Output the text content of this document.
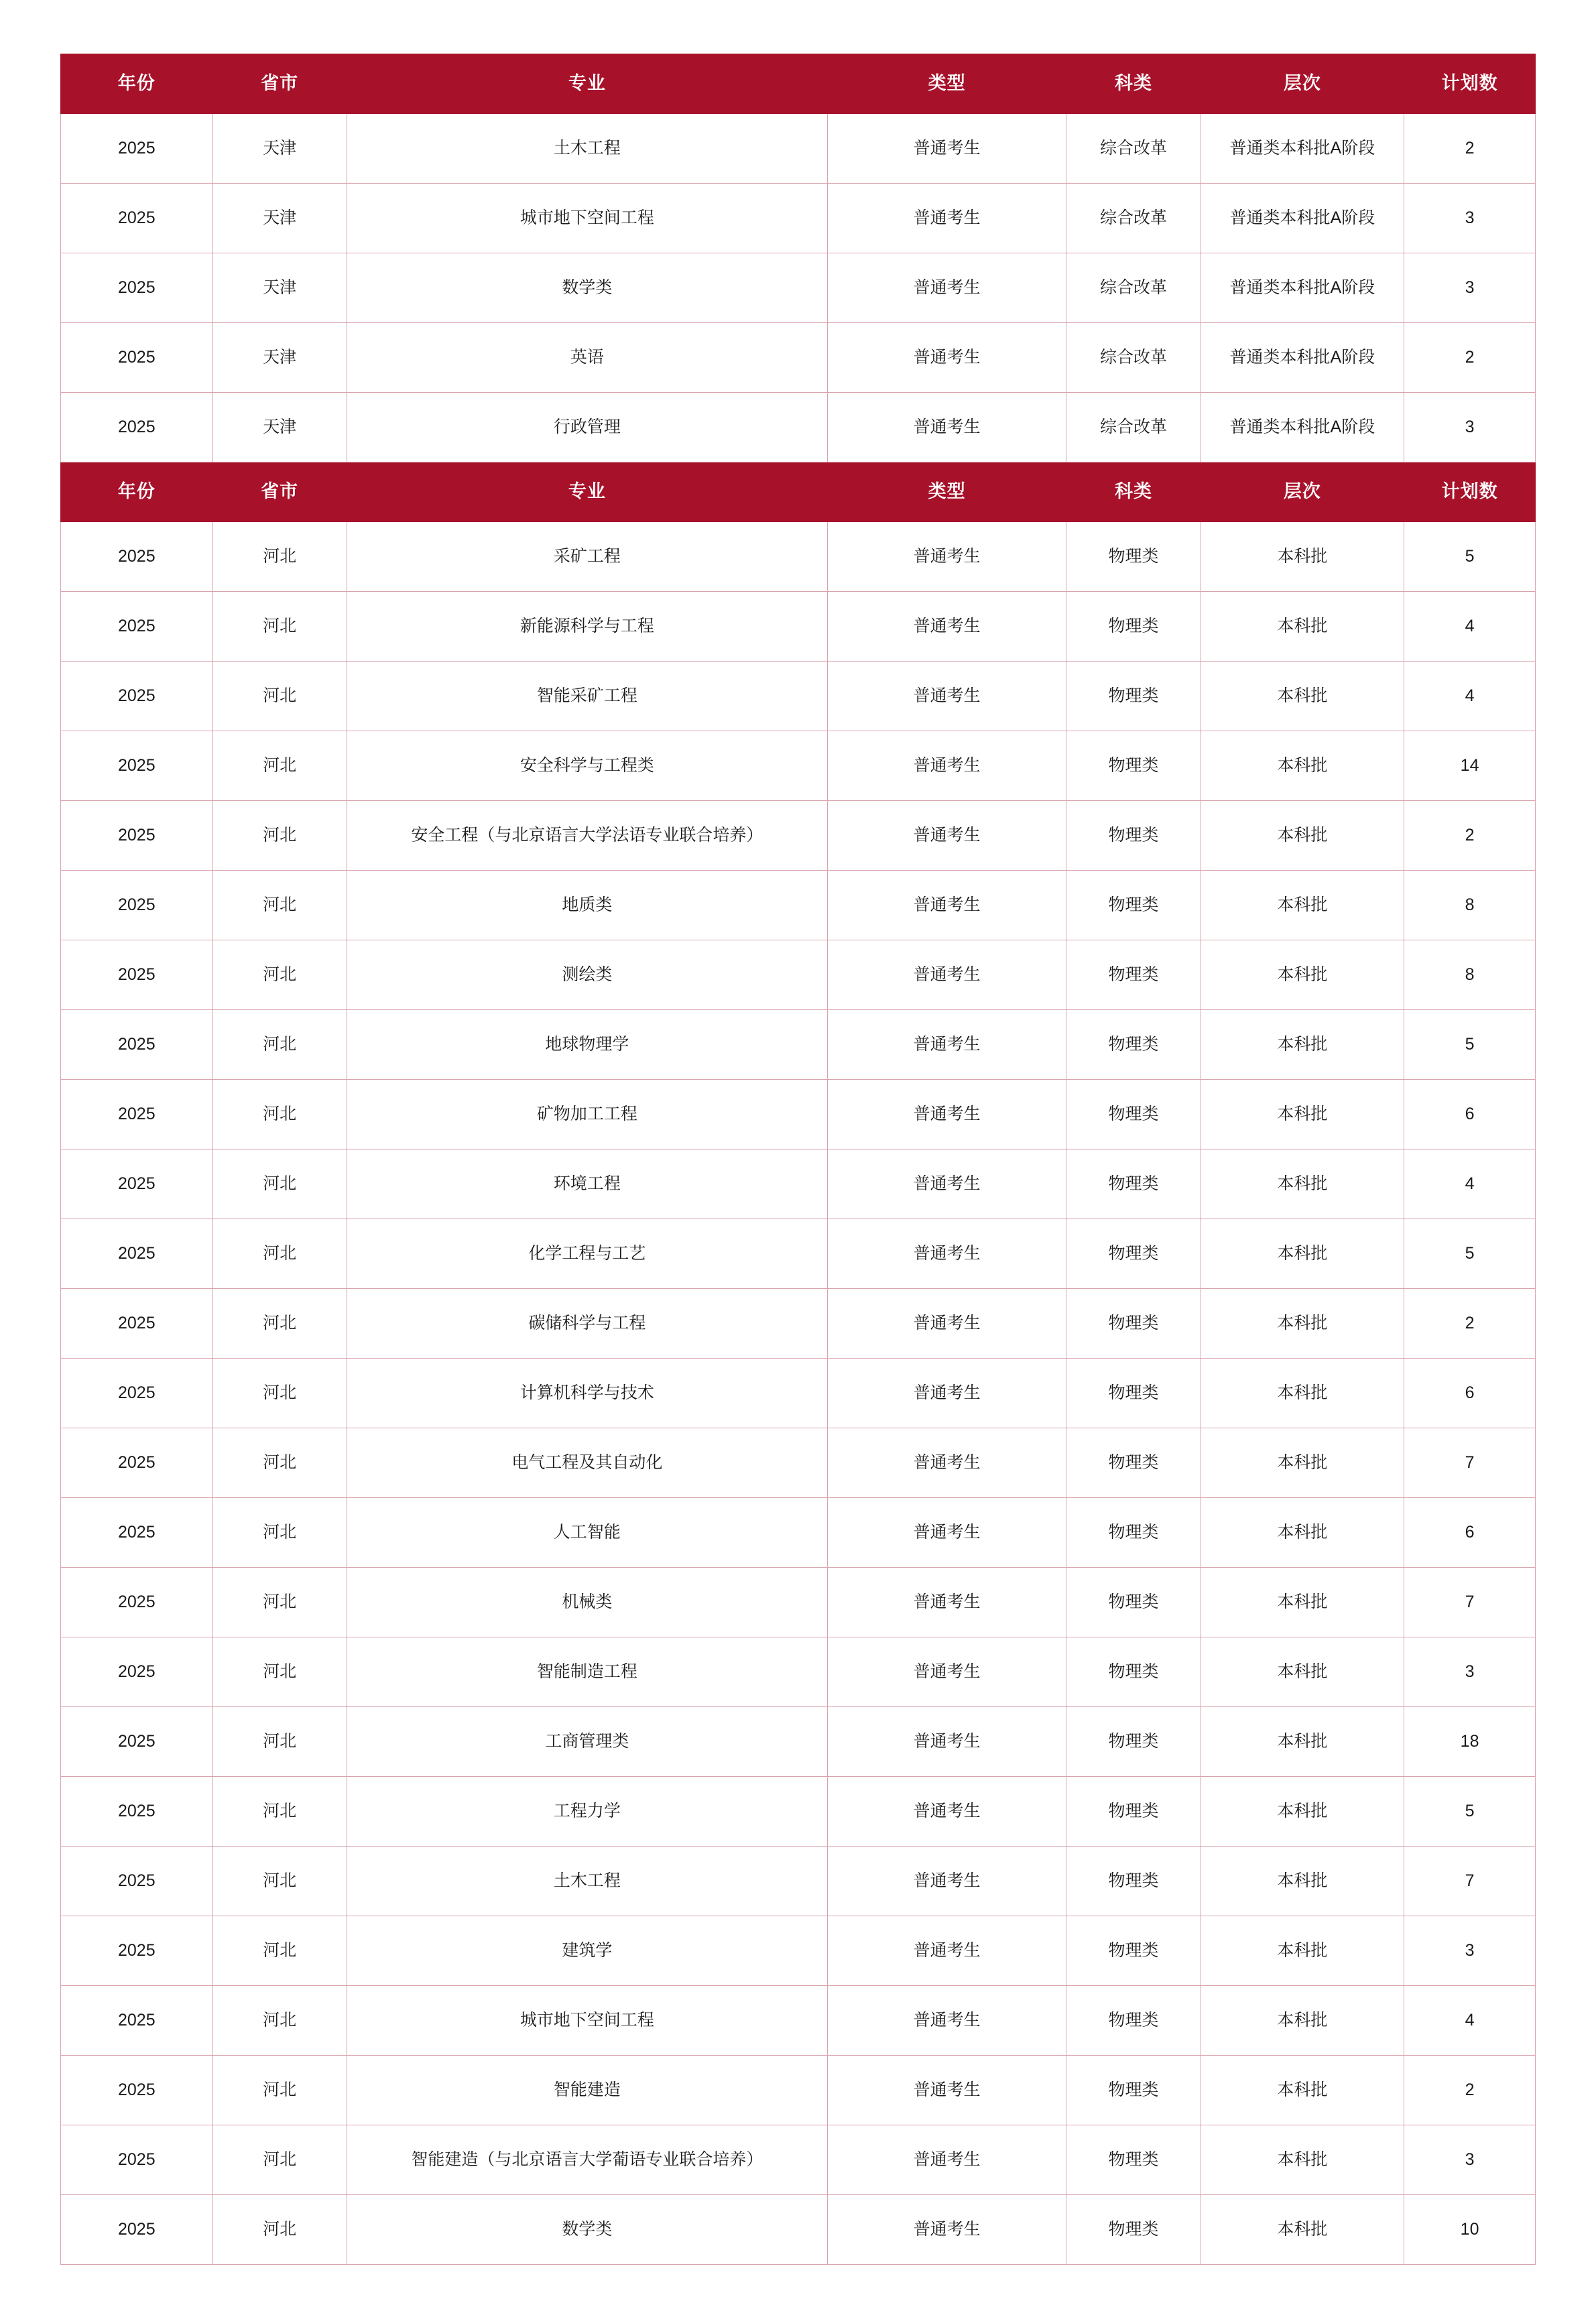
年份	省市	专业	类型	科类	层次	计划数
2025	天津	土木工程	普通考生	综合改革	普通类本科批A阶段	2
2025	天津	城市地下空间工程	普通考生	综合改革	普通类本科批A阶段	3
2025	天津	数学类	普通考生	综合改革	普通类本科批A阶段	3
2025	天津	英语	普通考生	综合改革	普通类本科批A阶段	2
2025	天津	行政管理	普通考生	综合改革	普通类本科批A阶段	3
年份	省市	专业	类型	科类	层次	计划数
2025	河北	采矿工程	普通考生	物理类	本科批	5
2025	河北	新能源科学与工程	普通考生	物理类	本科批	4
2025	河北	智能采矿工程	普通考生	物理类	本科批	4
2025	河北	安全科学与工程类	普通考生	物理类	本科批	14
2025	河北	安全工程（与北京语言大学法语专业联合培养）	普通考生	物理类	本科批	2
2025	河北	地质类	普通考生	物理类	本科批	8
2025	河北	测绘类	普通考生	物理类	本科批	8
2025	河北	地球物理学	普通考生	物理类	本科批	5
2025	河北	矿物加工工程	普通考生	物理类	本科批	6
2025	河北	环境工程	普通考生	物理类	本科批	4
2025	河北	化学工程与工艺	普通考生	物理类	本科批	5
2025	河北	碳储科学与工程	普通考生	物理类	本科批	2
2025	河北	计算机科学与技术	普通考生	物理类	本科批	6
2025	河北	电气工程及其自动化	普通考生	物理类	本科批	7
2025	河北	人工智能	普通考生	物理类	本科批	6
2025	河北	机械类	普通考生	物理类	本科批	7
2025	河北	智能制造工程	普通考生	物理类	本科批	3
2025	河北	工商管理类	普通考生	物理类	本科批	18
2025	河北	工程力学	普通考生	物理类	本科批	5
2025	河北	土木工程	普通考生	物理类	本科批	7
2025	河北	建筑学	普通考生	物理类	本科批	3
2025	河北	城市地下空间工程	普通考生	物理类	本科批	4
2025	河北	智能建造	普通考生	物理类	本科批	2
2025	河北	智能建造（与北京语言大学葡语专业联合培养）	普通考生	物理类	本科批	3
2025	河北	数学类	普通考生	物理类	本科批	10
